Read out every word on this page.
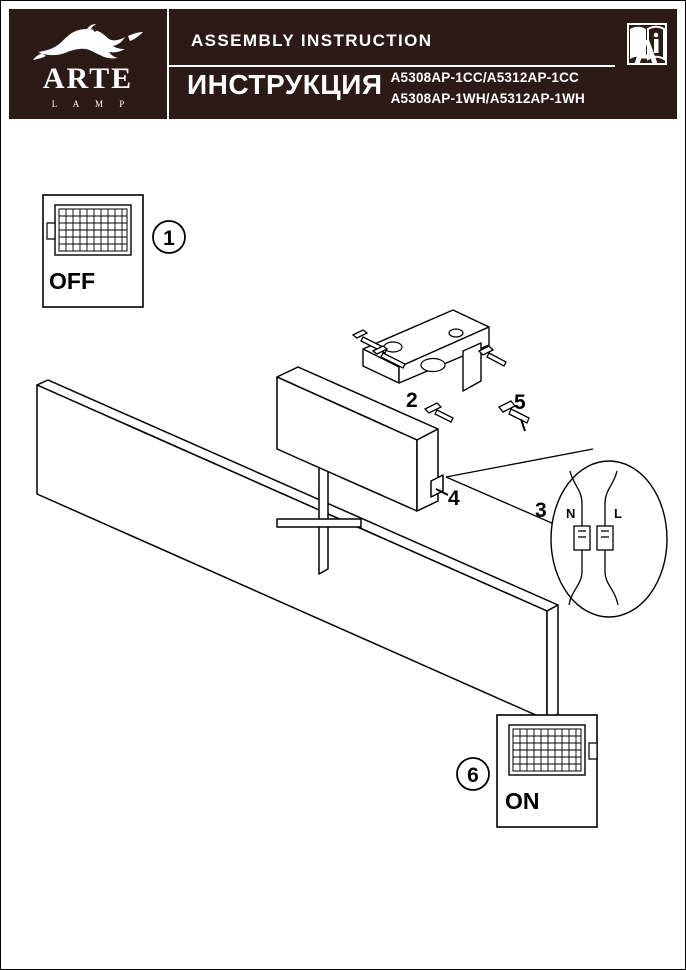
ARTE
L A M P
ASSEMBLY INSTRUCTION
ИНСТРУКЦИЯ A5308AP-1CC/A5312AP-1CC
A5308AP-1WH/A5312AP-1WH
OFF
1
N	L
2
3
4
5
ON
6
